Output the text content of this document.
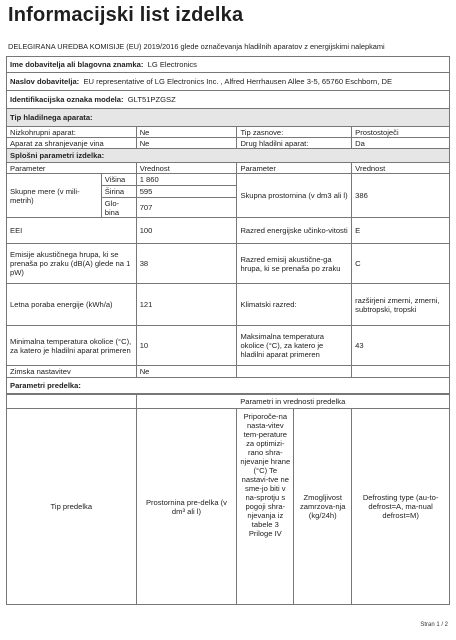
Informacijski list izdelka
DELEGIRANA UREDBA KOMISIJE (EU) 2019/2016 glede označevanja hladilnih aparatov z energijskimi nalepkami
Ime dobavitelja ali blagovna znamka: LG Electronics				
Naslov dobavitelja: EU representative of LG Electronics Inc. , Alfred Herrhausen Allee 3-5, 65760 Eschborn, DE				
Identifikacijska oznaka modela: GLT51PZGSZ				
Tip hladilnega aparata:				
Nizkohrupni aparat:		Ne	Tip zasnove:	Prostostoječi
Aparat za shranjevanje vina		Ne	Drug hladilni aparat:	Da
Splošni parametri izdelka:				
Parameter		Vrednost	Parameter	Vrednost
Skupne mere (v mili-metrih)	Višina	1 860	Skupna prostornina (v dm3 ali l)	386
	Širina	595		
	Glo-bina	707		
EEI		100	Razred energijske učinko-vitosti	E
Emisije akustičnega hrupa, ki se prenaša po zraku (dB(A) glede na 1 pW)		38	Razred emisij akustične-ga hrupa, ki se prenaša po zraku	C
Letna poraba energije (kWh/a)		121	Klimatski razred:	razširjeni zmerni, zmerni, subtropski, tropski
Minimalna temperatura okolice (°C), za katero je hladilni aparat primeren		10	Maksimalna temperatura okolice (°C), za katero je hladilni aparat primeren	43
Zimska nastavitev		Ne		
Parametri predelka:				
	Parametri in vrednosti predelka			
Tip predelka	Prostornina pre-delka (v dm³ ali l)	Priporoče-na nasta-vitev tem-perature za optimizi-rano shra-njevanje hrane (°C) Te nastavi-tve ne sme-jo biti v na-sprotju s pogoji shra-njevanja iz tabele 3 Priloge IV	Zmogljivost zamrzova-nja (kg/24h)	Defrosting type (au-to-defrost=A, ma-nual defrost=M)
Stran 1 / 2
